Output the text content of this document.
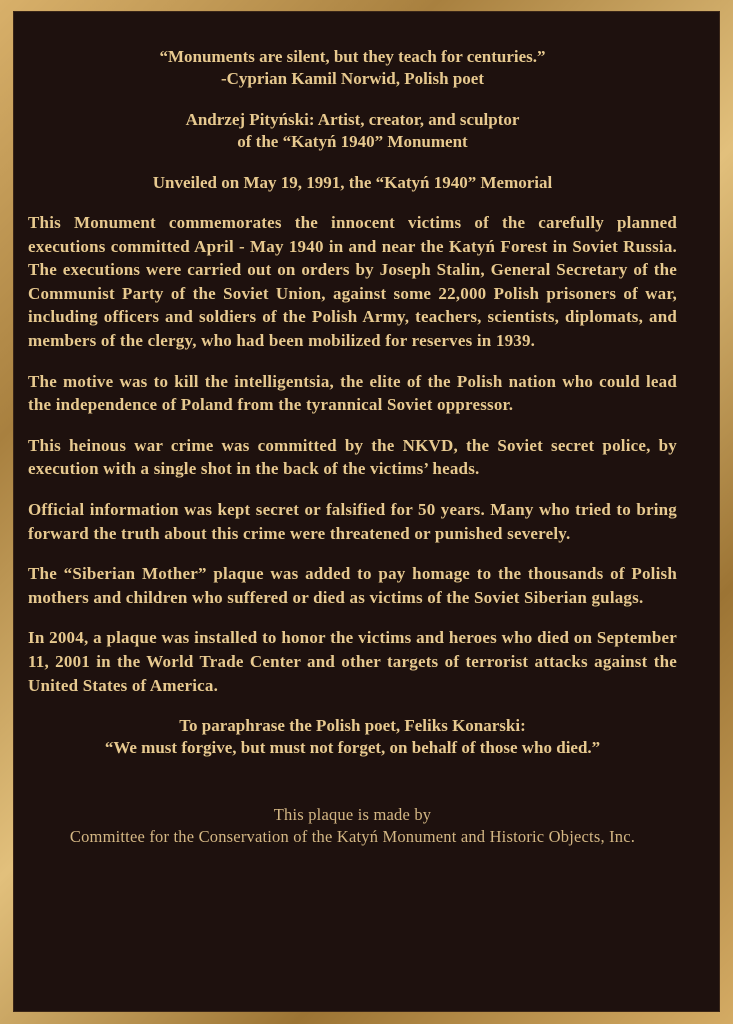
“Monuments are silent, but they teach for centuries.”
-Cyprian Kamil Norwid, Polish poet
Andrzej Pityński: Artist, creator, and sculptor
of the “Katyń 1940” Monument
Unveiled on May 19, 1991, the “Katyń 1940” Memorial
This Monument commemorates the innocent victims of the carefully planned executions committed April - May 1940 in and near the Katyń Forest in Soviet Russia. The executions were carried out on orders by Joseph Stalin, General Secretary of the Communist Party of the Soviet Union, against some 22,000 Polish prisoners of war, including officers and soldiers of the Polish Army, teachers, scientists, diplomats, and members of the clergy, who had been mobilized for reserves in 1939.
The motive was to kill the intelligentsia, the elite of the Polish nation who could lead the independence of Poland from the tyrannical Soviet oppressor.
This heinous war crime was committed by the NKVD, the Soviet secret police, by execution with a single shot in the back of the victims’ heads.
Official information was kept secret or falsified for 50 years. Many who tried to bring forward the truth about this crime were threatened or punished severely.
The “Siberian Mother” plaque was added to pay homage to the thousands of Polish mothers and children who suffered or died as victims of the Soviet Siberian gulags.
In 2004, a plaque was installed to honor the victims and heroes who died on September 11, 2001 in the World Trade Center and other targets of terrorist attacks against the United States of America.
To paraphrase the Polish poet, Feliks Konarski:
“We must forgive, but must not forget, on behalf of those who died.”
This plaque is made by
Committee for the Conservation of the Katyń Monument and Historic Objects, Inc.
